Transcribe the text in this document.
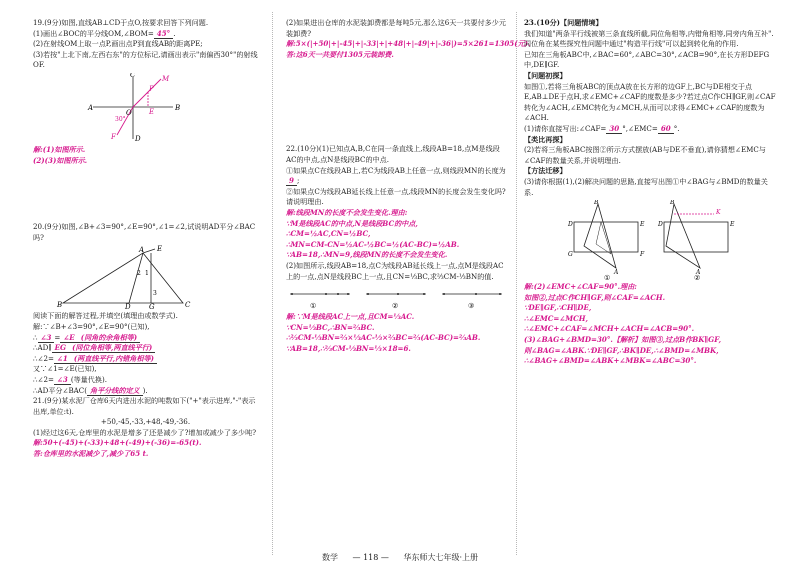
19.(9分)如图,直线AB⊥CD于点O,按要求回答下列问题.

(1)画出∠BOC的平分线OM,∠BOM= 45° .

(2)在射线OM上取一点P,画出点P到直线AB的距离PE;

(3)若按"上北下南,左西右东"的方位标记,请画出表示"南偏西30°"的射线OF.

A	B
C
D
O
M
P
E
F
30°

解:(1)如图所示.

(2)(3)如图所示.

20.(9分)如图,∠B+∠3=90°,∠E=90°,∠1=∠2,试说明AD平分∠BAC吗?

B	C
A E
D	G
2 1
3

阅读下面的解答过程,并填空(填理由或数学式).

解:∵∠B+∠3=90°,∠E=90°(已知),

∴ ∠3 = ∠E (同角的余角相等)

∴AD∥ EG (同位角相等,两直线平行)

∴∠2= ∠1 (两直线平行,内错角相等)

又∵∠1=∠E(已知),

∴∠2= ∠3 (等量代换).

∴AD平分∠BAC( 角平分线的定义 ).

21.(9分)某水泥厂仓库6天内进出水泥的吨数如下("+"表示进库,"-"表示出库,单位:t).

+50,-45,-33,+48,-49,-36.

(1)经过这6天,仓库里的水泥是增多了还是减少了?增加或减少了多少吨?

解:50+(-45)+(-33)+48+(-49)+(-36)=-65(t).

答:仓库里的水泥减少了,减少了65 t.

(2)如果进出仓库的水泥装卸费都是每吨5元,那么这6天一共要付多少元装卸费?

解:5×(|+50|+|-45|+|-33|+|+48|+|-49|+|-36|)=5×261=1305(元).

答:这6天一共要付1305元装卸费.

22.(10分)(1)已知点A,B,C在同一条直线上,线段AB=18,点M是线段AC的中点,点N是线段BC的中点.

①如果点C在线段AB上,若C为线段AB上任意一点,则线段MN的长度为9 ;

②如果点C为线段AB延长线上任意一点,线段MN的长度会发生变化吗?请说明理由.

解:线段MN的长度不会发生变化.理由:

∵M是线段AC的中点,N是线段BC的中点,

∴CM=½AC,CN=½BC,

∴MN=CM-CN=½AC-½BC=½(AC-BC)=½AB.

∵AB=18,∴MN=9,线段MN的长度不会发生变化.

(2)如图所示,线段AB=18,点C为线段AB延长线上一点,点M是线段AC上的一点,点N是线段BC上一点,且CN=⅓BC,求⅔CM-⅓BN的值.

①	②	③

解:∵M是线段AC上一点,且CM=⅓AC.

∵CN=⅓BC,∴BN=⅔BC.

∴⅔CM-⅓BN=⅔×⅓AC-⅓×⅔BC=⅔(AC-BC)=⅔AB.

∵AB=18,∴⅔CM-⅓BN=⅓×18=6.

23.(10分)【问题情境】

我们知道"两条平行线被第三条直线所截,同位角相等,内错角相等,同旁内角互补".同位角在某些探究性问题中通过"构造平行线"可以起到转化角的作用.

已知在三角板ABC中,∠BAC=60°,∠ABC=30°,∠ACB=90°,在长方形DEFG中,DE∥GF.

【问题初探】

如图①,若将三角板ABC的顶点A放在长方形的边GF上,BC与DE相交于点E,AB⊥DE于点H,求∠EMC+∠CAF的度数是多少?若过点C作CH∥GF,则∠CAF转化为∠ACH,∠EMC转化为∠MCH,从而可以求得∠EMC+∠CAF的度数为∠ACH.

(1)请你直接写出:∠CAF= 30 °,∠EMC= 60 °.

【类比再探】

(2)若将三角板ABC按图②所示方式摆放(AB与DE不垂直),请你猜想∠EMC与∠CAF的数量关系,并说明理由.

【方法迁移】

(3)请你根据(1),(2)解决问题的思路,直接写出图①中∠BAG与∠BMD的数量关系.

B
D	E
G	F
A
B
K
E
D
A
①	②

解:(2)∠EMC+∠CAF=90°.理由:

如图②,过点C作CH∥GF,则∠CAF=∠ACH.

∵DE∥GF,∴CH∥DE,

∴∠EMC=∠MCH,

∴∠EMC+∠CAF=∠MCH+∠ACH=∠ACB=90°.

(3)∠BAG+∠BMD=30°.【解析】如图③,过点B作BK∥GF,

则∠BAG=∠ABK.∵DE∥GF,∴BK∥DE,∴∠BMD=∠MBK,

∴∠BAG+∠BMD=∠ABK+∠MBK=∠ABC=30°.

数学 — 118 — 华东师大七年级·上册
